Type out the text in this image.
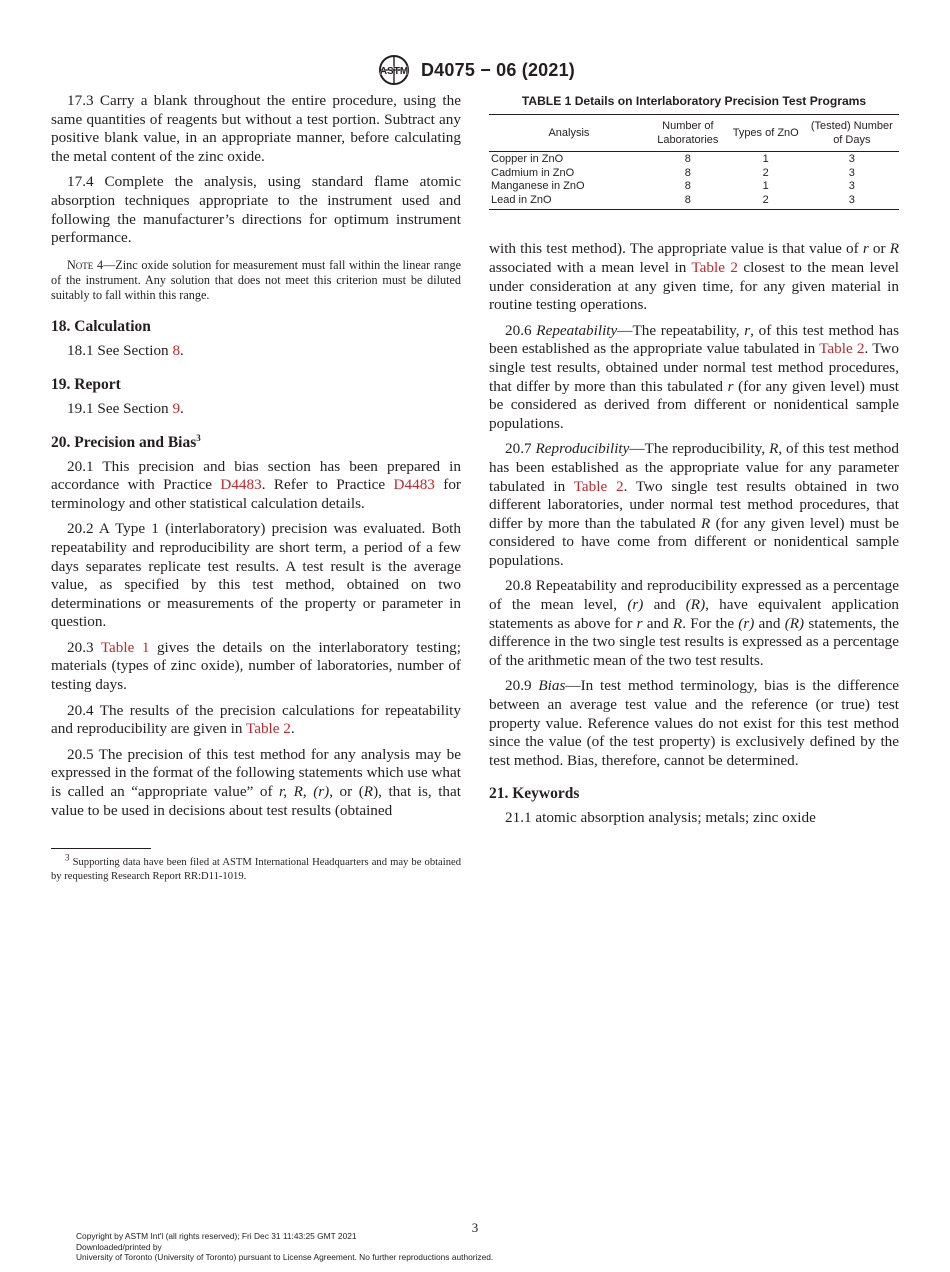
ASTM D4075 − 06 (2021)

17.3 Carry a blank throughout the entire procedure, using the same quantities of reagents but without a test portion. Subtract any positive blank value, in an appropriate manner, before calculating the metal content of the zinc oxide.

17.4 Complete the analysis, using standard flame atomic absorption techniques appropriate to the instrument used and following the manufacturer’s directions for optimum instrument performance.

Note 4—Zinc oxide solution for measurement must fall within the linear range of the instrument. Any solution that does not meet this criterion must be diluted suitably to fall within this range.

18. Calculation

18.1 See Section 8.

19. Report

19.1 See Section 9.

20. Precision and Bias$^3$

20.1 This precision and bias section has been prepared in accordance with Practice D4483. Refer to Practice D4483 for terminology and other statistical calculation details.

20.2 A Type 1 (interlaboratory) precision was evaluated. Both repeatability and reproducibility are short term, a period of a few days separates replicate test results. A test result is the average value, as specified by this test method, obtained on two determinations or measurements of the property or parameter in question.

20.3 Table 1 gives the details on the interlaboratory testing; materials (types of zinc oxide), number of laboratories, number of testing days.

20.4 The results of the precision calculations for repeatability and reproducibility are given in Table 2.

20.5 The precision of this test method for any analysis may be expressed in the format of the following statements which use what is called an “appropriate value” of r, R, (r), or (R), that is, that value to be used in decisions about test results (obtained

$^3$ Supporting data have been filed at ASTM International Headquarters and may be obtained by requesting Research Report RR:D11-1019.

TABLE 1 Details on Interlaboratory Precision Test Programs
Analysis	Number of Laboratories	Types of ZnO	(Tested) Number of Days
Copper in ZnO	8	1	3
Cadmium in ZnO	8	2	3
Manganese in ZnO	8	1	3
Lead in ZnO	8	2	3

with this test method). The appropriate value is that value of r or R associated with a mean level in Table 2 closest to the mean level under consideration at any given time, for any given material in routine testing operations.

20.6 Repeatability—The repeatability, r, of this test method has been established as the appropriate value tabulated in Table 2. Two single test results, obtained under normal test method procedures, that differ by more than this tabulated r (for any given level) must be considered as derived from different or nonidentical sample populations.

20.7 Reproducibility—The reproducibility, R, of this test method has been established as the appropriate value for any parameter tabulated in Table 2. Two single test results obtained in two different laboratories, under normal test method procedures, that differ by more than the tabulated R (for any given level) must be considered to have come from different or nonidentical sample populations.

20.8 Repeatability and reproducibility expressed as a percentage of the mean level, (r) and (R), have equivalent application statements as above for r and R. For the (r) and (R) statements, the difference in the two single test results is expressed as a percentage of the arithmetic mean of the two test results.

20.9 Bias—In test method terminology, bias is the difference between an average test value and the reference (or true) test property value. Reference values do not exist for this test method since the value (of the test property) is exclusively defined by the test method. Bias, therefore, cannot be determined.

21. Keywords

21.1 atomic absorption analysis; metals; zinc oxide

3
Copyright by ASTM Int'l (all rights reserved); Fri Dec 31 11:43:25 GMT 2021
Downloaded/printed by
University of Toronto (University of Toronto) pursuant to License Agreement. No further reproductions authorized.
